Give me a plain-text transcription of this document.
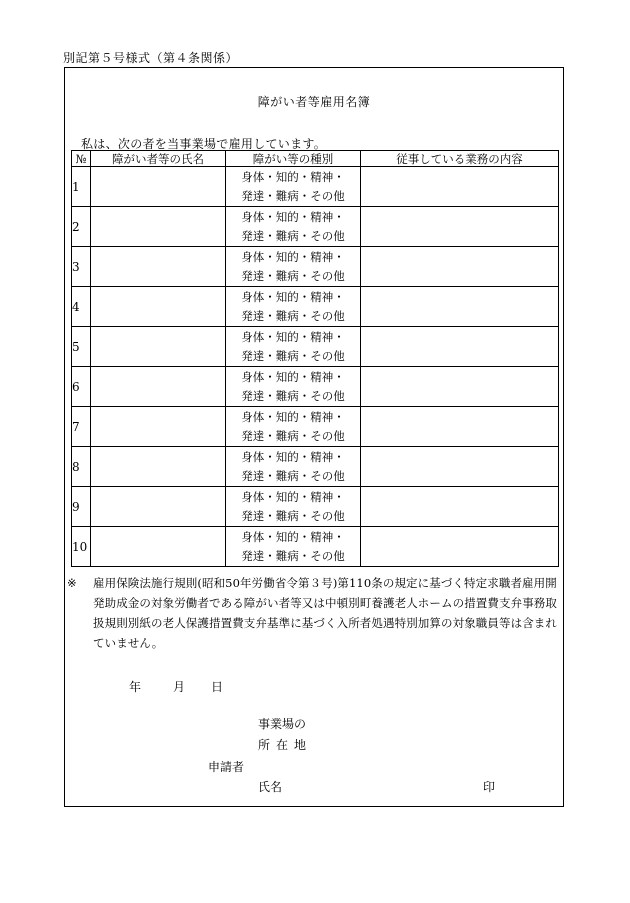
別記第５号様式（第４条関係）
障がい者等雇用名簿
私は、次の者を当事業場で雇用しています。
№	障がい者等の氏名	障がい等の種別	従事している業務の内容
1		身体・知的・精神・
発達・難病・その他	

2		身体・知的・精神・
発達・難病・その他	

3		身体・知的・精神・
発達・難病・その他	

4		身体・知的・精神・
発達・難病・その他	

5		身体・知的・精神・
発達・難病・その他	

6		身体・知的・精神・
発達・難病・その他	

7		身体・知的・精神・
発達・難病・その他	

8		身体・知的・精神・
発達・難病・その他	

9		身体・知的・精神・
発達・難病・その他	

10		身体・知的・精神・
発達・難病・その他	

※ 雇用保険法施行規則(昭和50年労働省令第３号)第110条の規定に基づく特定求職者雇用開発助成金の対象労働者である障がい者等又は中頓別町養護老人ホームの措置費支弁事務取扱規則別紙の老人保護措置費支弁基準に基づく入所者処遇特別加算の対象職員等は含まれていません。
年	月 日
事業場の
所在地
申請者
氏名	印
